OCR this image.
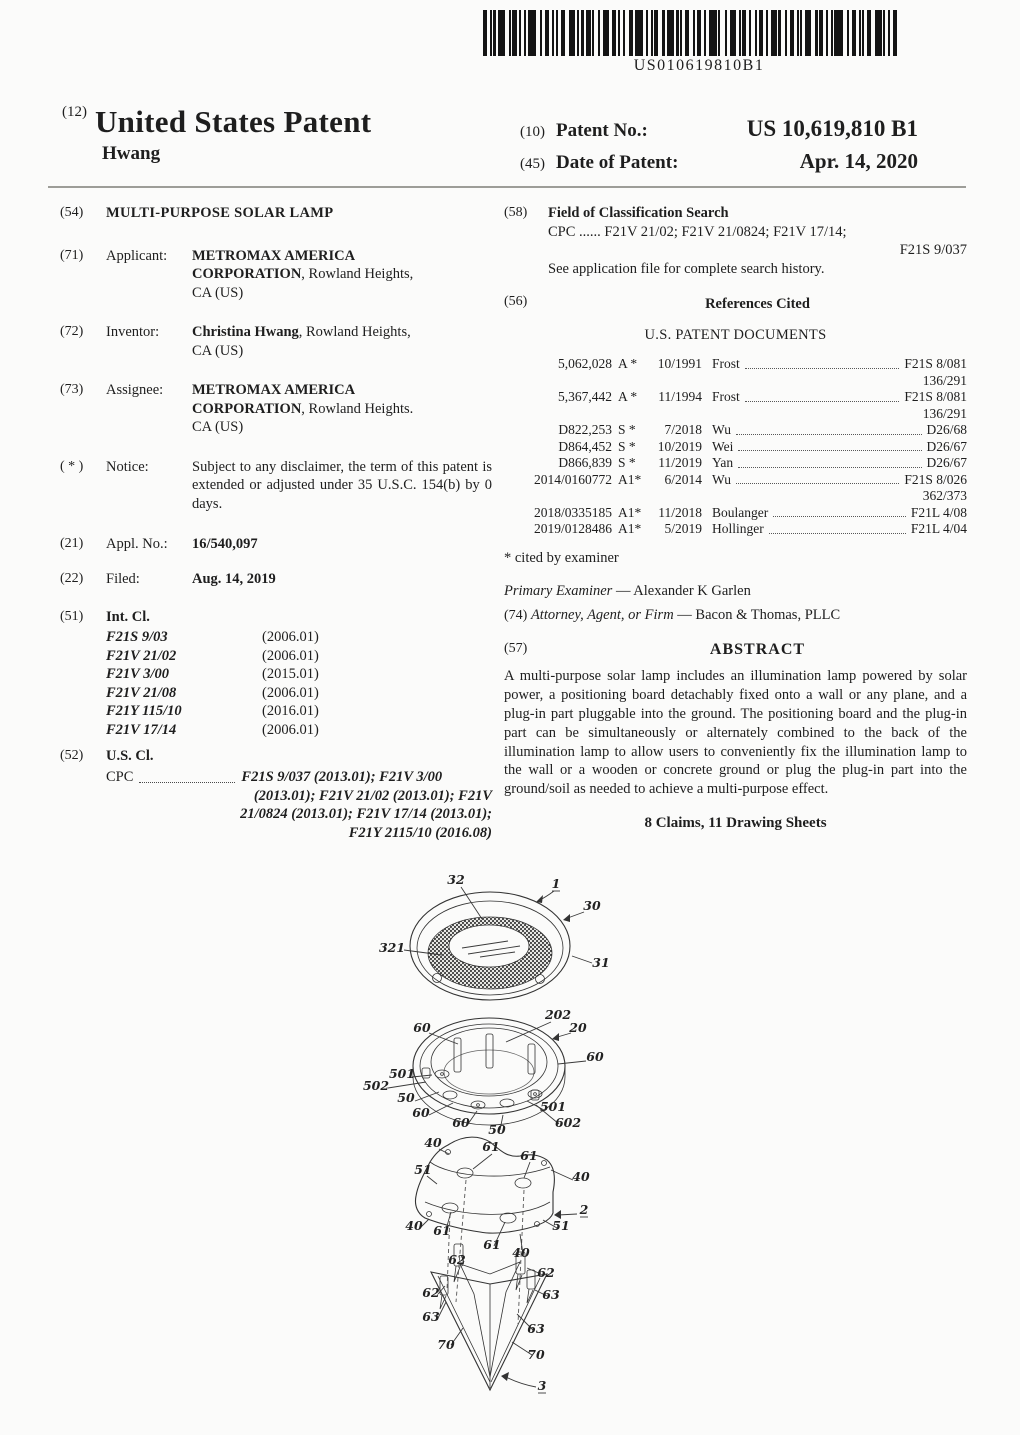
US010619810B1
(12) United States Patent
Hwang
(10) Patent No.:	US 10,619,810 B1
(45) Date of Patent:	Apr. 14, 2020
(54)	MULTI-PURPOSE SOLAR LAMP
(71)	Applicant:	METROMAX AMERICA
CORPORATION, Rowland Heights,
CA (US)
(72)	Inventor:	Christina Hwang, Rowland Heights,
CA (US)
(73)	Assignee:	METROMAX AMERICA
CORPORATION, Rowland Heights.
CA (US)
( * )	Notice:	Subject to any disclaimer, the term of this patent is extended or adjusted under 35 U.S.C. 154(b) by 0 days.
(21)	Appl. No.:	16/540,097
(22)	Filed:	Aug. 14, 2019
(51)	Int. Cl.
F21S 9/03	(2006.01)
F21V 21/02	(2006.01)
F21V 3/00	(2015.01)
F21V 21/08	(2006.01)
F21Y 115/10	(2016.01)
F21V 17/14	(2006.01)
(52)	U.S. Cl.
CPC	F21S 9/037 (2013.01); F21V 3/00
(2013.01); F21V 21/02 (2013.01); F21V
21/0824 (2013.01); F21V 17/14 (2013.01);
F21Y 2115/10 (2016.08)
(58)	Field of Classification Search
CPC ...... F21V 21/02; F21V 21/0824; F21V 17/14;
F21S 9/037
See application file for complete search history.
(56)	References Cited
U.S. PATENT DOCUMENTS
5,062,028 A *	10/1991 Frost	F21S 8/081
136/291
5,367,442 A *	11/1994 Frost	F21S 8/081
136/291
D822,253 S *	7/2018 Wu	D26/68
D864,452 S *	10/2019 Wei	D26/67
D866,839 S *	11/2019 Yan	D26/67
2014/0160772 A1*	6/2014 Wu	F21S 8/026
362/373
2018/0335185 A1*	11/2018 Boulanger	F21L 4/08
2019/0128486 A1*	5/2019 Hollinger	F21L 4/04
* cited by examiner
Primary Examiner — Alexander K Garlen
(74) Attorney, Agent, or Firm — Bacon & Thomas, PLLC
(57)	ABSTRACT
A multi-purpose solar lamp includes an illumination lamp powered by solar power, a positioning board detachably fixed onto a wall or any plane, and a plug-in part pluggable into the ground. The positioning board and the plug-in part can be simultaneously or alternately combined to the back of the illumination lamp to allow users to conveniently fix the illumination lamp to the wall or a wooden or concrete ground or plug the plug-in part into the ground/soil as needed to achieve a multi-purpose effect.
8 Claims, 11 Drawing Sheets
32	1
30
321
31
60
202
20
60
501
502
50
60
60 50
501
602
40	61
61
51	40
2
40 61
61
40
51
62
62
62	63
63
63
70
70
3
